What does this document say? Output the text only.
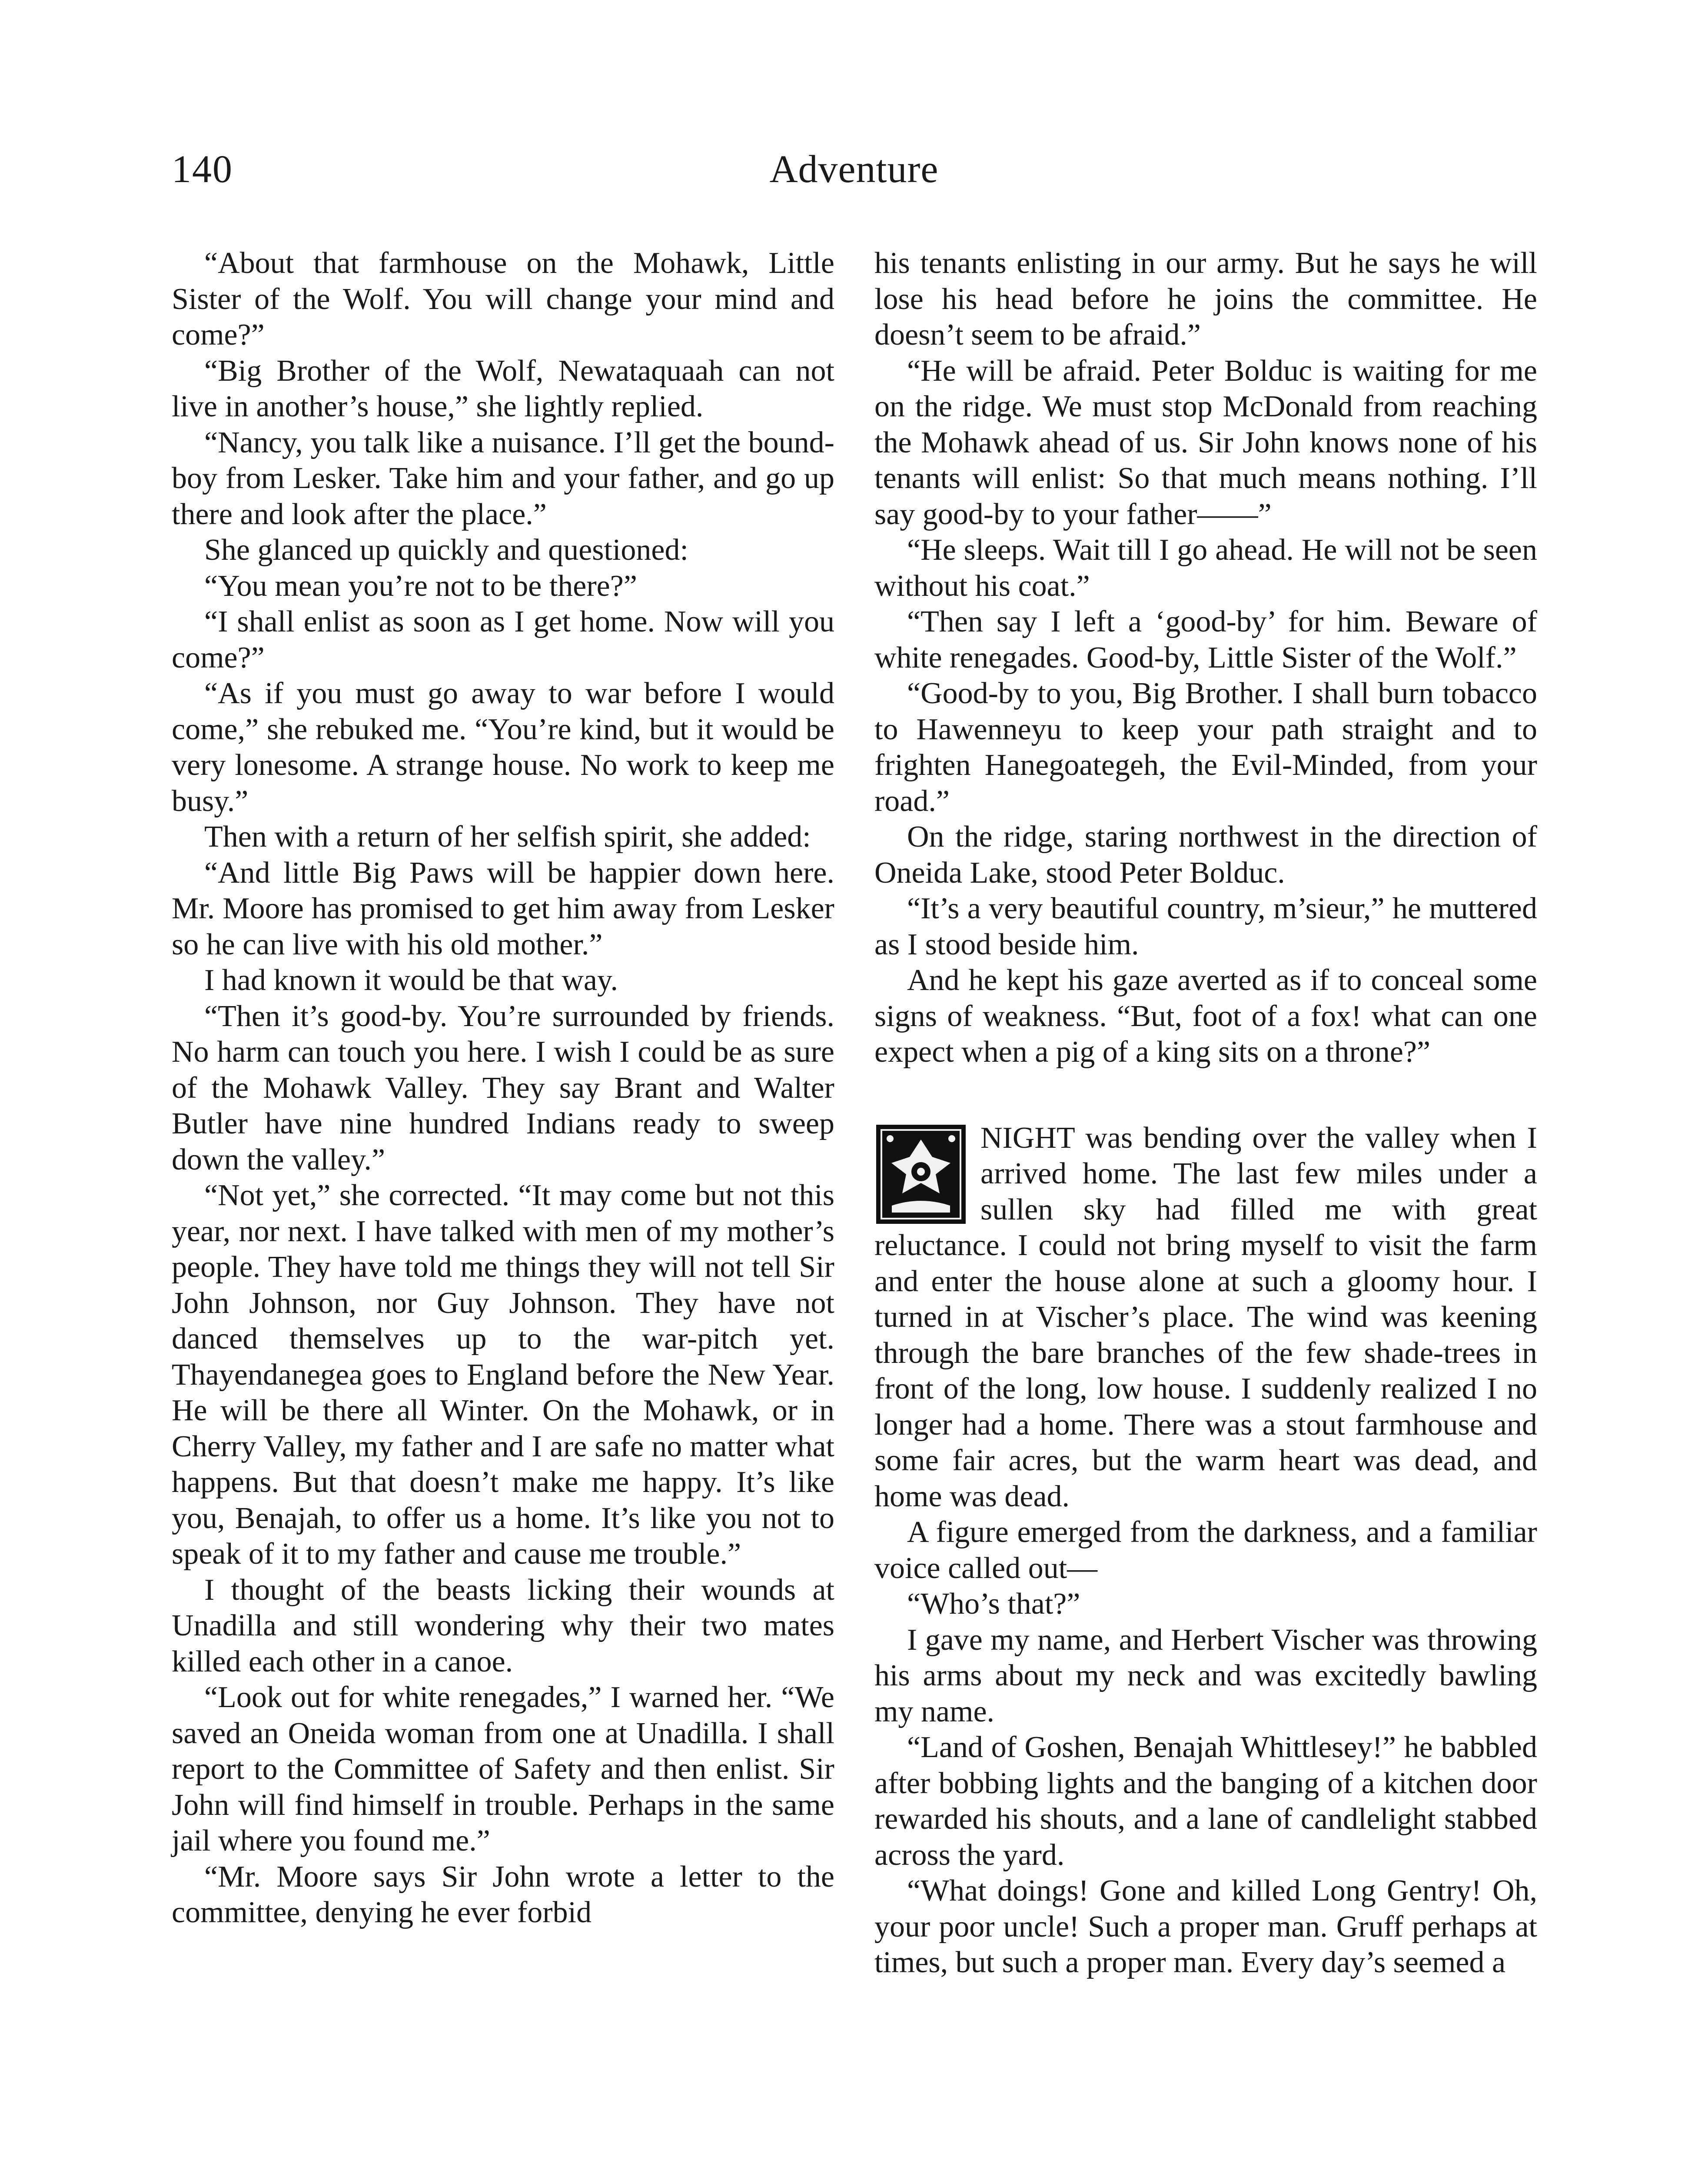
140	Adventure

“About that farmhouse on the Mohawk, Little Sister of the Wolf. You will change your mind and come?”

“Big Brother of the Wolf, Newataquaah can not live in another’s house,” she lightly replied.

“Nancy, you talk like a nuisance. I’ll get the bound-boy from Lesker. Take him and your father, and go up there and look after the place.”

She glanced up quickly and questioned:

“You mean you’re not to be there?”

“I shall enlist as soon as I get home. Now will you come?”

“As if you must go away to war before I would come,” she rebuked me. “You’re kind, but it would be very lonesome. A strange house. No work to keep me busy.”

Then with a return of her selfish spirit, she added:

“And little Big Paws will be happier down here. Mr. Moore has promised to get him away from Lesker so he can live with his old mother.”

I had known it would be that way.

“Then it’s good-by. You’re surrounded by friends. No harm can touch you here. I wish I could be as sure of the Mohawk Valley. They say Brant and Walter Butler have nine hundred Indians ready to sweep down the valley.”

“Not yet,” she corrected. “It may come but not this year, nor next. I have talked with men of my mother’s people. They have told me things they will not tell Sir John Johnson, nor Guy Johnson. They have not danced themselves up to the war-pitch yet. Thayendanegea goes to England before the New Year. He will be there all Winter. On the Mohawk, or in Cherry Valley, my father and I are safe no matter what happens. But that doesn’t make me happy. It’s like you, Benajah, to offer us a home. It’s like you not to speak of it to my father and cause me trouble.”

I thought of the beasts licking their wounds at Unadilla and still wondering why their two mates killed each other in a canoe.

“Look out for white renegades,” I warned her. “We saved an Oneida woman from one at Unadilla. I shall report to the Committee of Safety and then enlist. Sir John will find himself in trouble. Perhaps in the same jail where you found me.”

“Mr. Moore says Sir John wrote a letter to the committee, denying he ever forbid

his tenants enlisting in our army. But he says he will lose his head before he joins the committee. He doesn’t seem to be afraid.”

“He will be afraid. Peter Bolduc is waiting for me on the ridge. We must stop McDonald from reaching the Mohawk ahead of us. Sir John knows none of his tenants will enlist: So that much means nothing. I’ll say good-by to your father——”

“He sleeps. Wait till I go ahead. He will not be seen without his coat.”

“Then say I left a ‘good-by’ for him. Beware of white renegades. Good-by, Little Sister of the Wolf.”

“Good-by to you, Big Brother. I shall burn tobacco to Hawenneyu to keep your path straight and to frighten Hanegoategeh, the Evil-Minded, from your road.”

On the ridge, staring northwest in the direction of Oneida Lake, stood Peter Bolduc.

“It’s a very beautiful country, m’sieur,” he muttered as I stood beside him.

And he kept his gaze averted as if to conceal some signs of weakness. “But, foot of a fox! what can one expect when a pig of a king sits on a throne?”

NIGHT was bending over the valley when I arrived home. The last few miles under a sullen sky had filled me with great reluctance. I could not bring myself to visit the farm and enter the house alone at such a gloomy hour. I turned in at Vischer’s place. The wind was keening through the bare branches of the few shade-trees in front of the long, low house. I suddenly realized I no longer had a home. There was a stout farmhouse and some fair acres, but the warm heart was dead, and home was dead.

A figure emerged from the darkness, and a familiar voice called out—

“Who’s that?”

I gave my name, and Herbert Vischer was throwing his arms about my neck and was excitedly bawling my name.

“Land of Goshen, Benajah Whittlesey!” he babbled after bobbing lights and the banging of a kitchen door rewarded his shouts, and a lane of candlelight stabbed across the yard.

“What doings! Gone and killed Long Gentry! Oh, your poor uncle! Such a proper man. Gruff perhaps at times, but such a proper man. Every day’s seemed a
